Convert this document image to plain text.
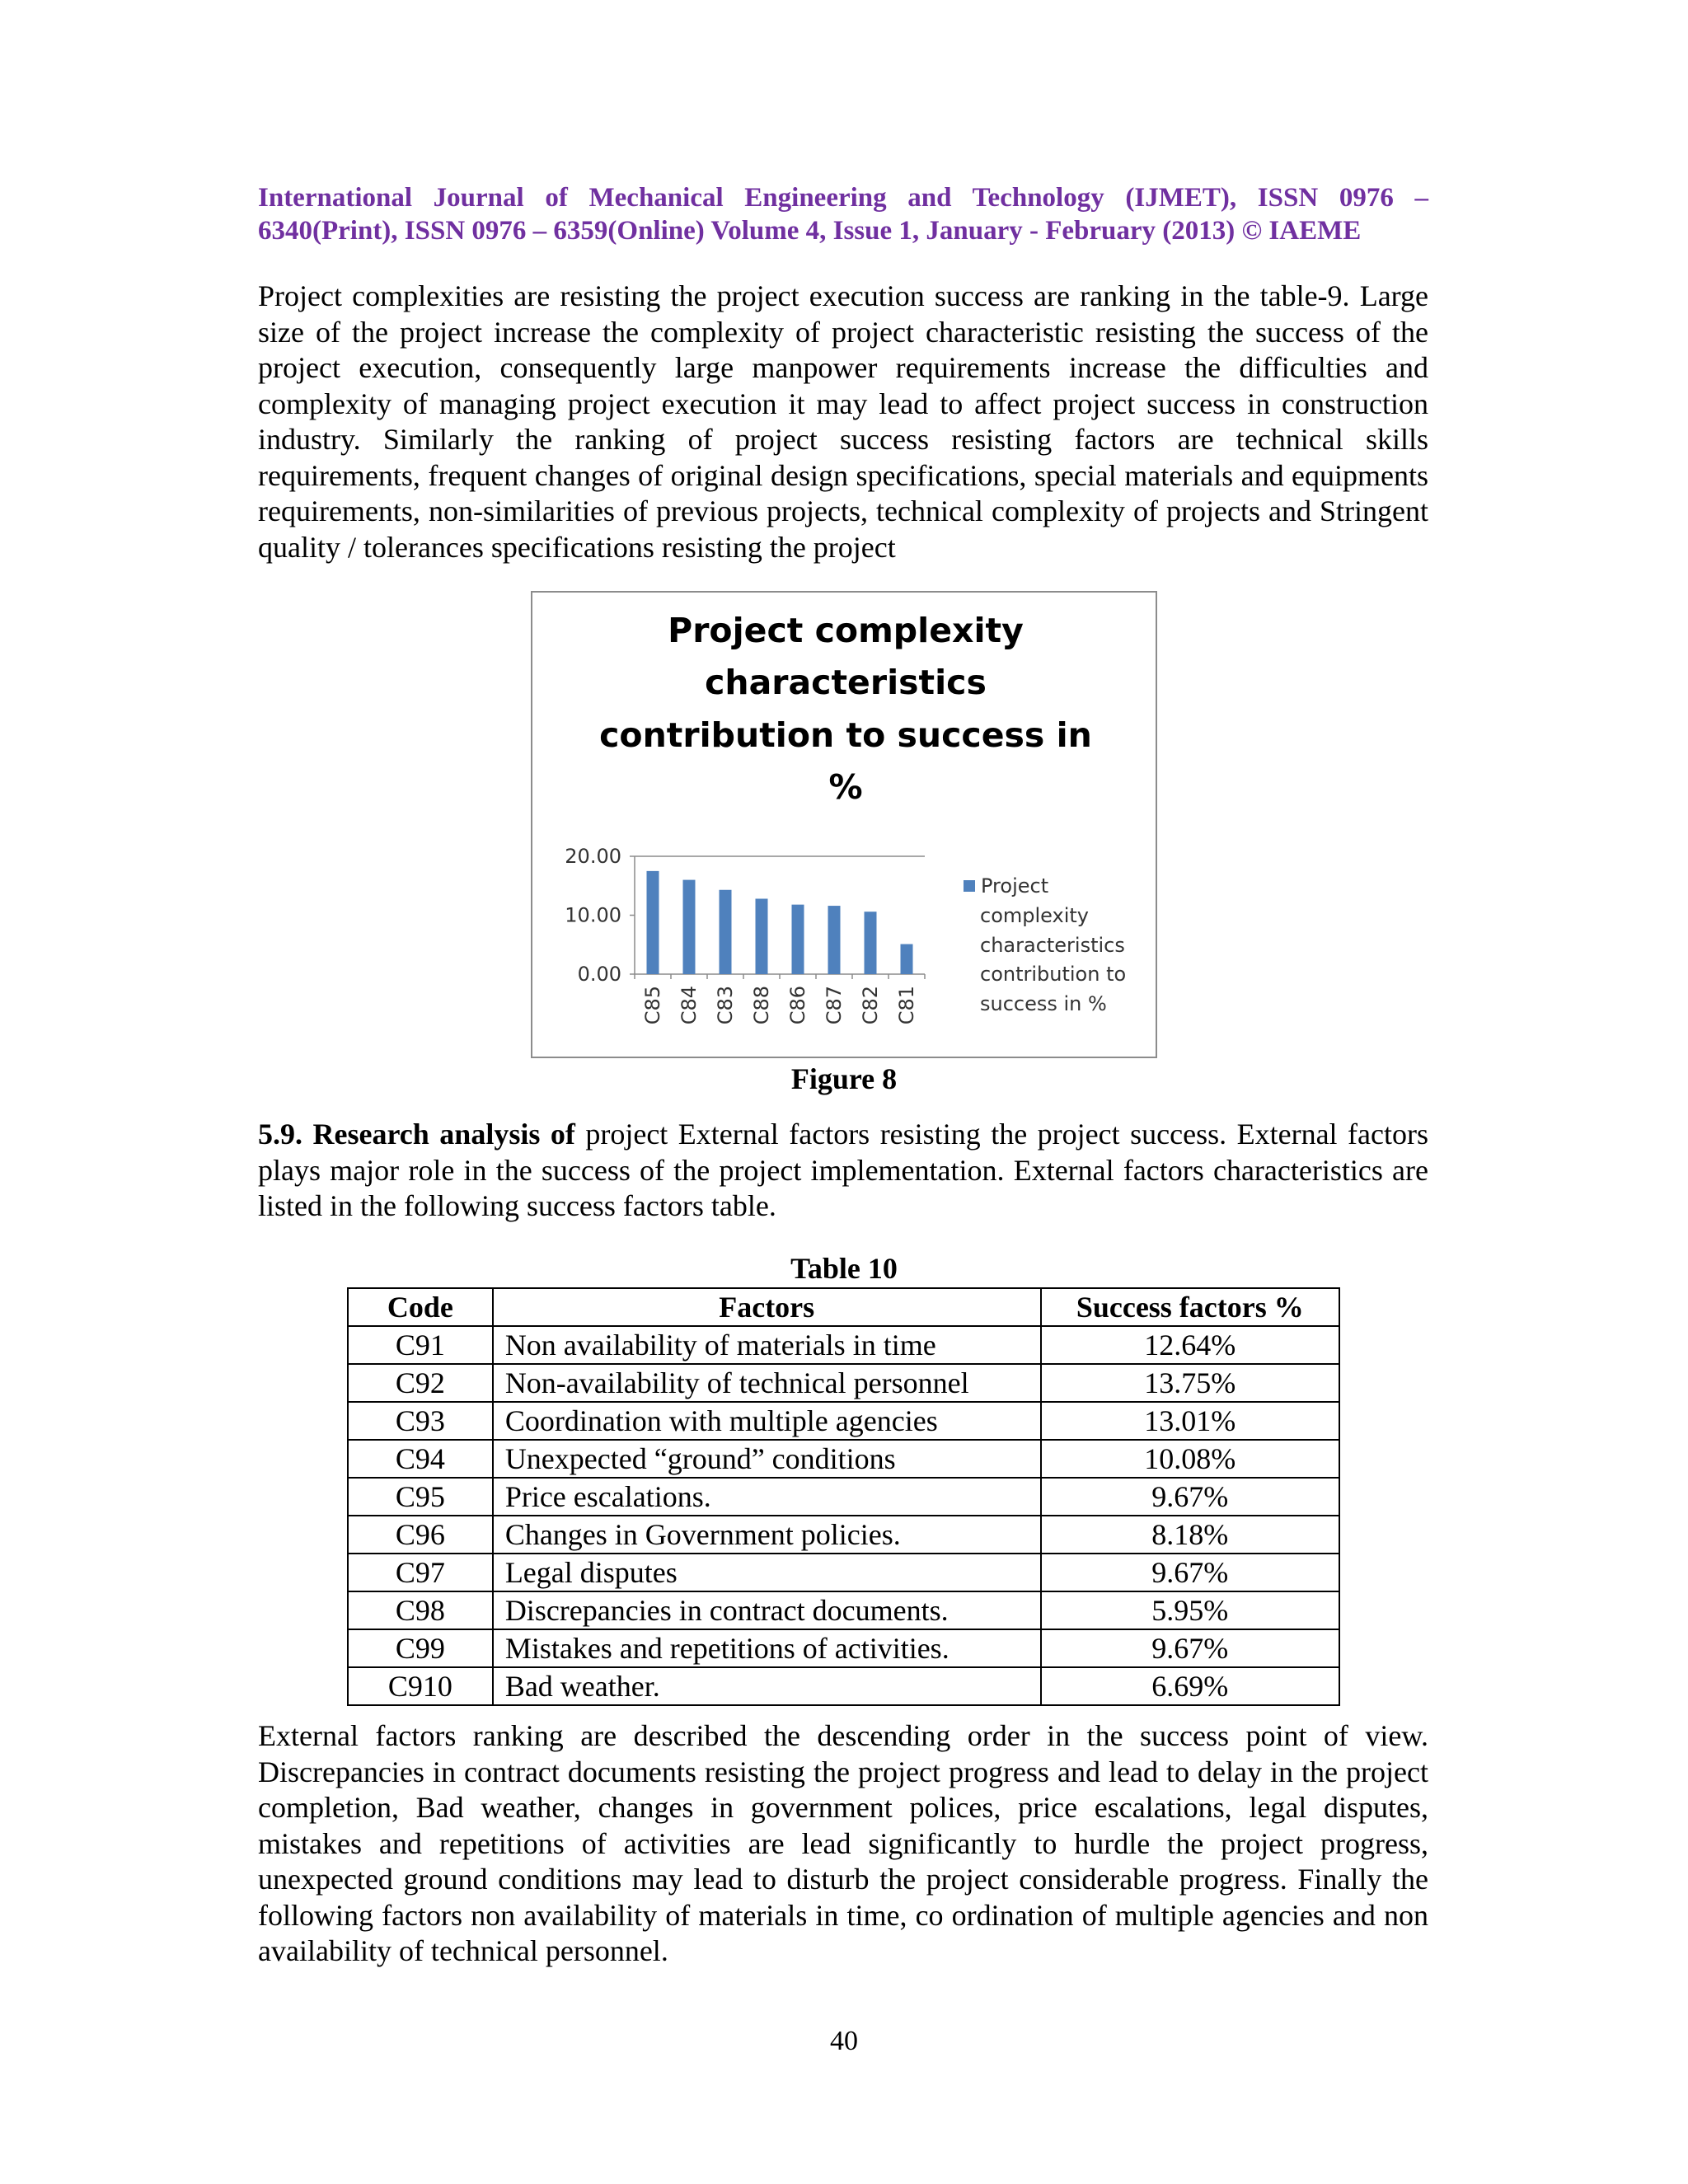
International Journal of Mechanical Engineering and Technology (IJMET), ISSN 0976 –
6340(Print), ISSN 0976 – 6359(Online) Volume 4, Issue 1, January - February (2013) © IAEME
Project complexities are resisting the project execution success are ranking in the table-9. Large size of the project increase the complexity of project characteristic resisting the success of the project execution, consequently large manpower requirements increase the difficulties and complexity of managing project execution it may lead to affect project success in construction industry. Similarly the ranking of project success resisting factors are technical skills requirements, frequent changes of original design specifications, special materials and equipments requirements, non-similarities of previous projects, technical complexity of projects and Stringent quality / tolerances specifications resisting the project
Project complexity
characteristics
contribution to success in
%
20.00
10.00
0.00
C85 C84 C83 C88 C86 C87 C82 C81
Project
complexity
characteristics
contribution to
success in %
Figure 8
5.9. Research analysis of project External factors resisting the project success. External factors plays major role in the success of the project implementation. External factors characteristics are listed in the following success factors table.
Table 10
Code	Factors	Success factors %
C91	Non availability of materials in time	12.64%
C92	Non-availability of technical personnel	13.75%
C93	Coordination with multiple agencies	13.01%
C94	Unexpected “ground” conditions	10.08%
C95	Price escalations.	9.67%
C96	Changes in Government policies.	8.18%
C97	Legal disputes	9.67%
C98	Discrepancies in contract documents.	5.95%
C99	Mistakes and repetitions of activities.	9.67%
C910	Bad weather.	6.69%
External factors ranking are described the descending order in the success point of view. Discrepancies in contract documents resisting the project progress and lead to delay in the project completion, Bad weather, changes in government polices, price escalations, legal disputes, mistakes and repetitions of activities are lead significantly to hurdle the project progress, unexpected ground conditions may lead to disturb the project considerable progress. Finally the following factors non availability of materials in time, co ordination of multiple agencies and non availability of technical personnel.
40
